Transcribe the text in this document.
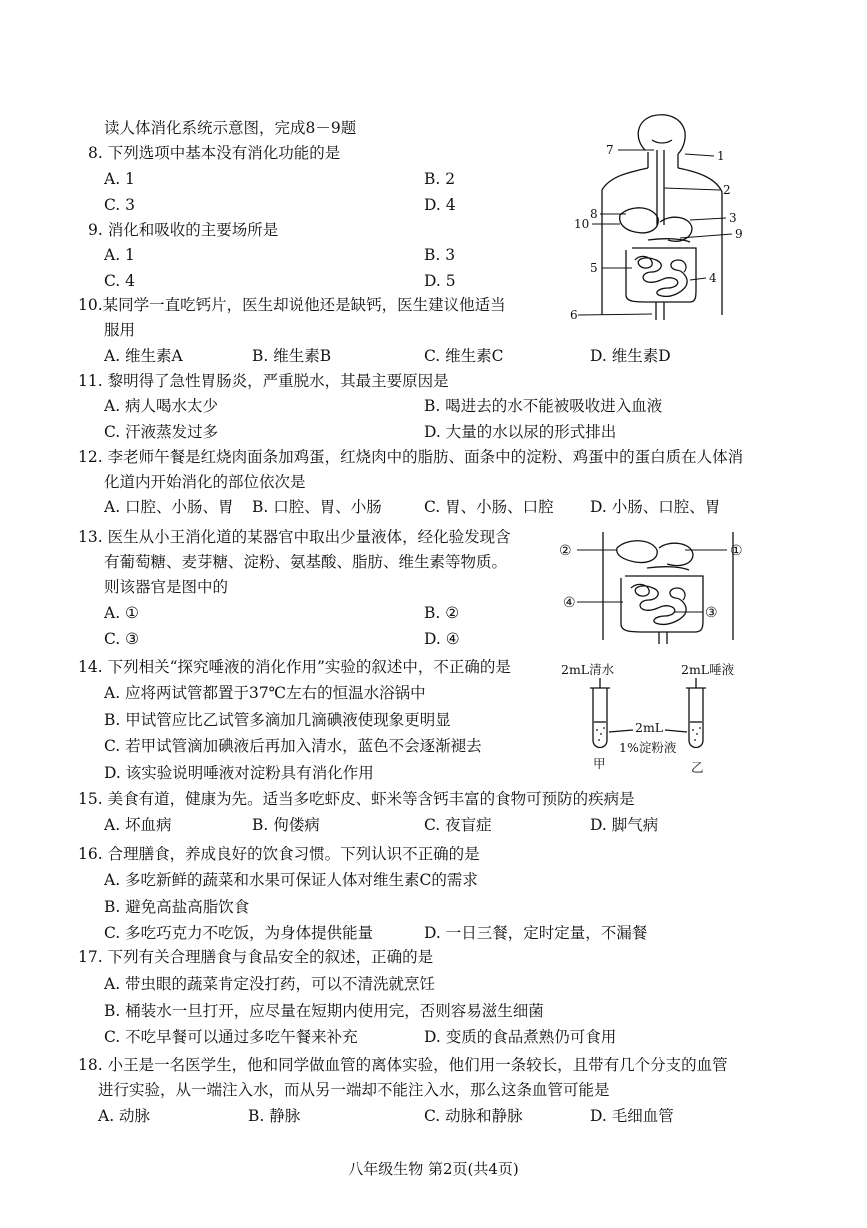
读人体消化系统示意图，完成8－9题
8. 下列选项中基本没有消化功能的是
A. 1	B. 2
C. 3	D. 4
9. 消化和吸收的主要场所是
A. 1	B. 3
C. 4	D. 5
10.某同学一直吃钙片，医生却说他还是缺钙，医生建议他适当
服用
A. 维生素A	B. 维生素B	C. 维生素C	D. 维生素D
11. 黎明得了急性胃肠炎，严重脱水，其最主要原因是
A. 病人喝水太少	B. 喝进去的水不能被吸收进入血液
C. 汗液蒸发过多	D. 大量的水以尿的形式排出
12. 李老师午餐是红烧肉面条加鸡蛋，红烧肉中的脂肪、面条中的淀粉、鸡蛋中的蛋白质在人体消
化道内开始消化的部位依次是
A. 口腔、小肠、胃 B. 口腔、胃、小肠	C. 胃、小肠、口腔 D. 小肠、口腔、胃
13. 医生从小王消化道的某器官中取出少量液体，经化验发现含
有葡萄糖、麦芽糖、淀粉、氨基酸、脂肪、维生素等物质。
则该器官是图中的
A. ①	B. ②
C. ③	D. ④
14. 下列相关“探究唾液的消化作用”实验的叙述中，不正确的是
A. 应将两试管都置于37℃左右的恒温水浴锅中
B. 甲试管应比乙试管多滴加几滴碘液使现象更明显
C. 若甲试管滴加碘液后再加入清水，蓝色不会逐渐褪去
D. 该实验说明唾液对淀粉具有消化作用
15. 美食有道，健康为先。适当多吃虾皮、虾米等含钙丰富的食物可预防的疾病是
A. 坏血病	B. 佝偻病	C. 夜盲症	D. 脚气病
16. 合理膳食，养成良好的饮食习惯。下列认识不正确的是
A. 多吃新鲜的蔬菜和水果可保证人体对维生素C的需求
B. 避免高盐高脂饮食
C. 多吃巧克力不吃饭，为身体提供能量	D. 一日三餐，定时定量，不漏餐
17. 下列有关合理膳食与食品安全的叙述，正确的是
A. 带虫眼的蔬菜肯定没打药，可以不清洗就烹饪
B. 桶装水一旦打开，应尽量在短期内使用完，否则容易滋生细菌
C. 不吃早餐可以通过多吃午餐来补充	D. 变质的食品煮熟仍可食用
18. 小王是一名医学生，他和同学做血管的离体实验，他们用一条较长，且带有几个分支的血管
进行实验，从一端注入水，而从另一端却不能注入水，那么这条血管可能是
A. 动脉	B. 静脉	C. 动脉和静脉	D. 毛细血管
7	1
2
8	3
10
9
5
4
6
②	①
④
③
2mL清水	2mL唾液
2mL
1%淀粉液
甲	乙
八年级生物 第2页(共4页)
